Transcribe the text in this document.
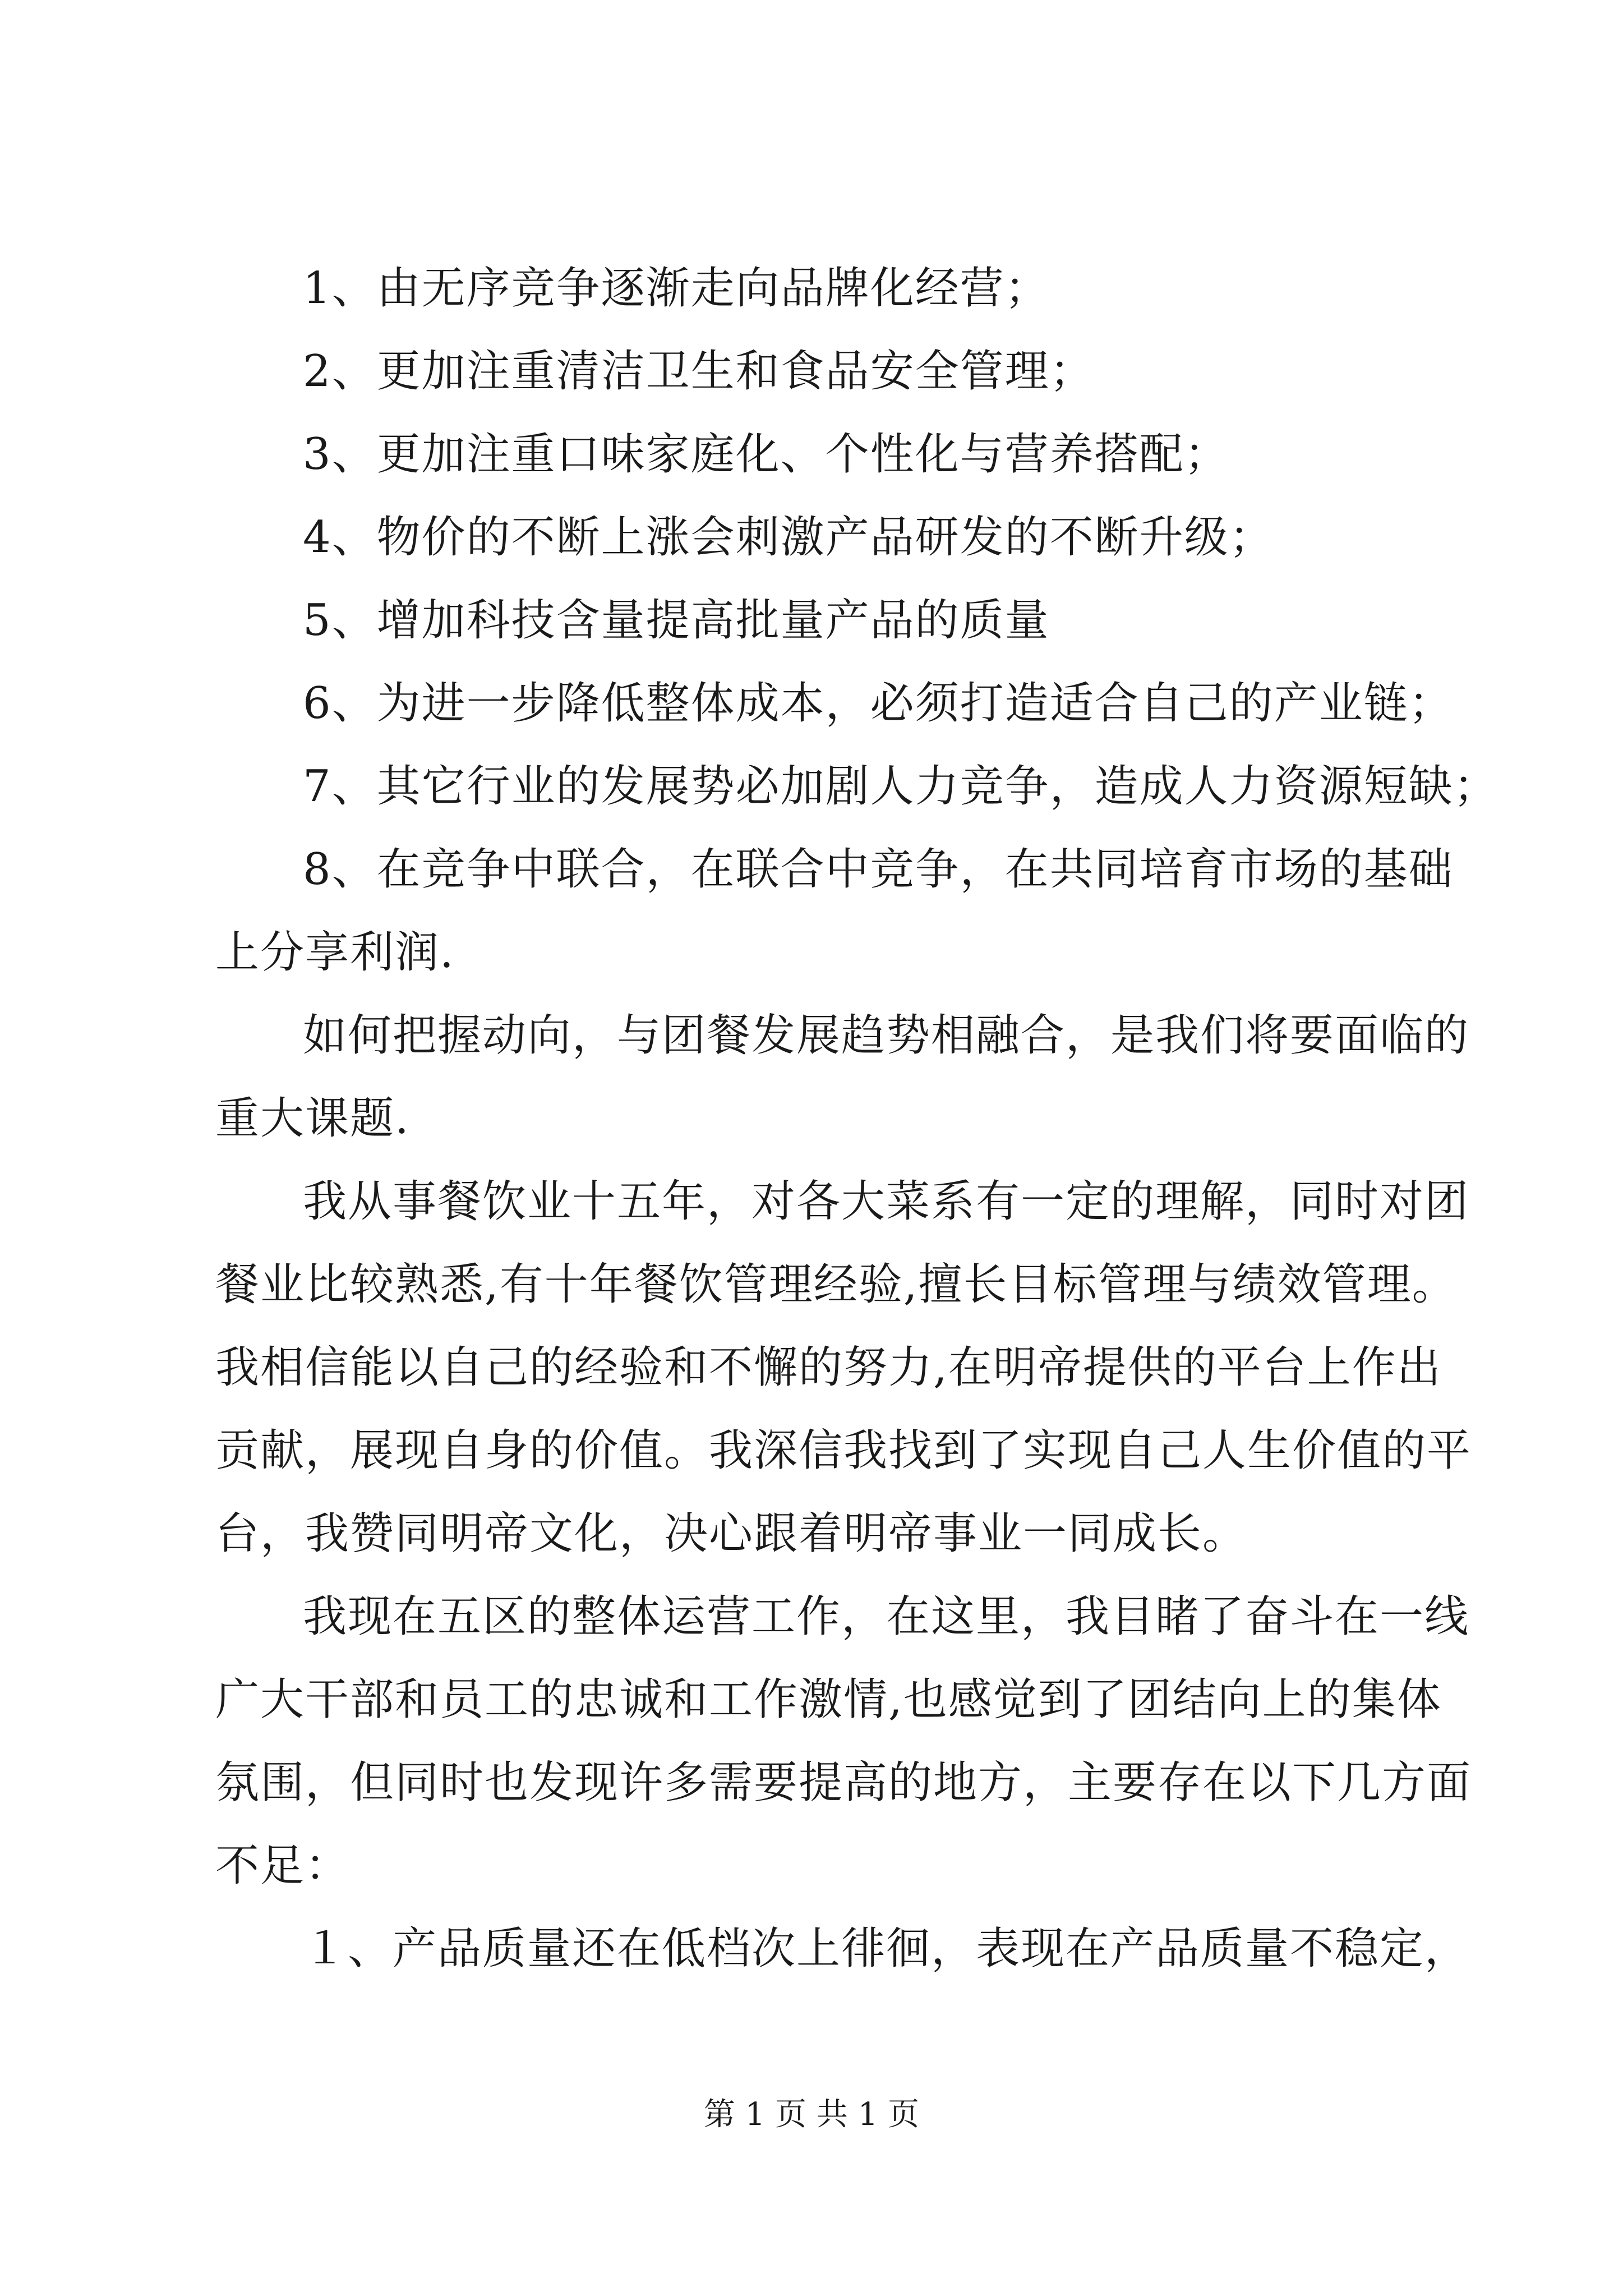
1、由无序竞争逐渐走向品牌化经营；
2、更加注重清洁卫生和食品安全管理；
3、更加注重口味家庭化、个性化与营养搭配；
4、物价的不断上涨会刺激产品研发的不断升级；
5、增加科技含量提高批量产品的质量
6、为进一步降低整体成本，必须打造适合自己的产业链；
7、其它行业的发展势必加剧人力竞争，造成人力资源短缺；
8、在竞争中联合，在联合中竞争，在共同培育市场的基础
上分享利润.
如何把握动向，与团餐发展趋势相融合，是我们将要面临的
重大课题.
我从事餐饮业十五年，对各大菜系有一定的理解，同时对团
餐业比较熟悉,有十年餐饮管理经验,擅长目标管理与绩效管理。
我相信能以自己的经验和不懈的努力,在明帝提供的平台上作出
贡献，展现自身的价值。我深信我找到了实现自己人生价值的平
台，我赞同明帝文化，决心跟着明帝事业一同成长。
我现在五区的整体运营工作，在这里，我目睹了奋斗在一线
广大干部和员工的忠诚和工作激情,也感觉到了团结向上的集体
氛围，但同时也发现许多需要提高的地方，主要存在以下几方面
不足：
１、产品质量还在低档次上徘徊，表现在产品质量不稳定，
第 1 页 共 1 页
